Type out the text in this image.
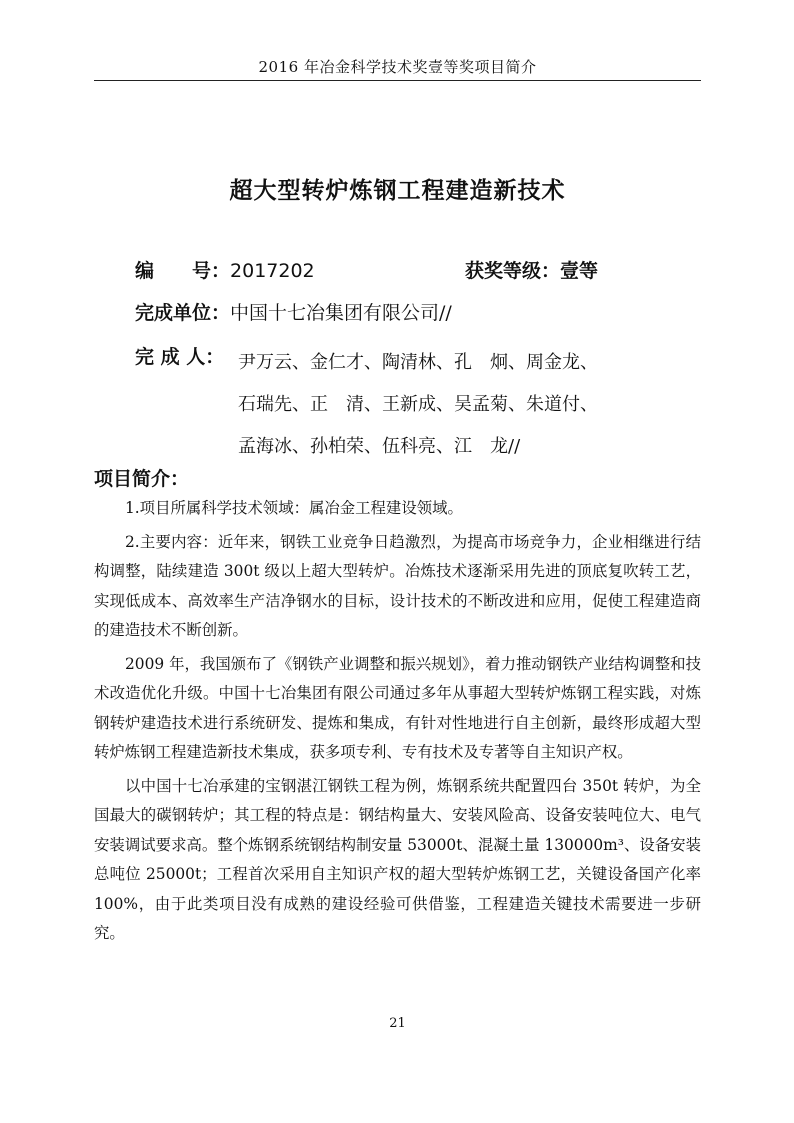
2016 年冶金科学技术奖壹等奖项目简介
超大型转炉炼钢工程建造新技术
编　　号：2017202	获奖等级：壹等
完成单位：中国十七冶集团有限公司//
完 成 人： 尹万云、金仁才、陶清林、孔　炯、周金龙、
石瑞先、正　清、王新成、吴孟菊、朱道付、
孟海冰、孙柏荣、伍科亮、江　龙//
项目简介：

1.项目所属科学技术领域：属冶金工程建设领域。

2.主要内容：近年来，钢铁工业竞争日趋激烈，为提高市场竞争力，企业相继进行结构调整，陆续建造 300t 级以上超大型转炉。冶炼技术逐渐采用先进的顶底复吹转工艺，实现低成本、高效率生产洁净钢水的目标，设计技术的不断改进和应用，促使工程建造商的建造技术不断创新。

2009 年，我国颁布了《钢铁产业调整和振兴规划》，着力推动钢铁产业结构调整和技术改造优化升级。中国十七冶集团有限公司通过多年从事超大型转炉炼钢工程实践，对炼钢转炉建造技术进行系统研发、提炼和集成，有针对性地进行自主创新，最终形成超大型转炉炼钢工程建造新技术集成，获多项专利、专有技术及专著等自主知识产权。

以中国十七冶承建的宝钢湛江钢铁工程为例，炼钢系统共配置四台 350t 转炉，为全国最大的碳钢转炉；其工程的特点是：钢结构量大、安装风险高、设备安装吨位大、电气安装调试要求高。整个炼钢系统钢结构制安量 53000t、混凝土量 130000m³、设备安装总吨位 25000t；工程首次采用自主知识产权的超大型转炉炼钢工艺，关键设备国产化率 100%，由于此类项目没有成熟的建设经验可供借鉴，工程建造关键技术需要进一步研究。

21
